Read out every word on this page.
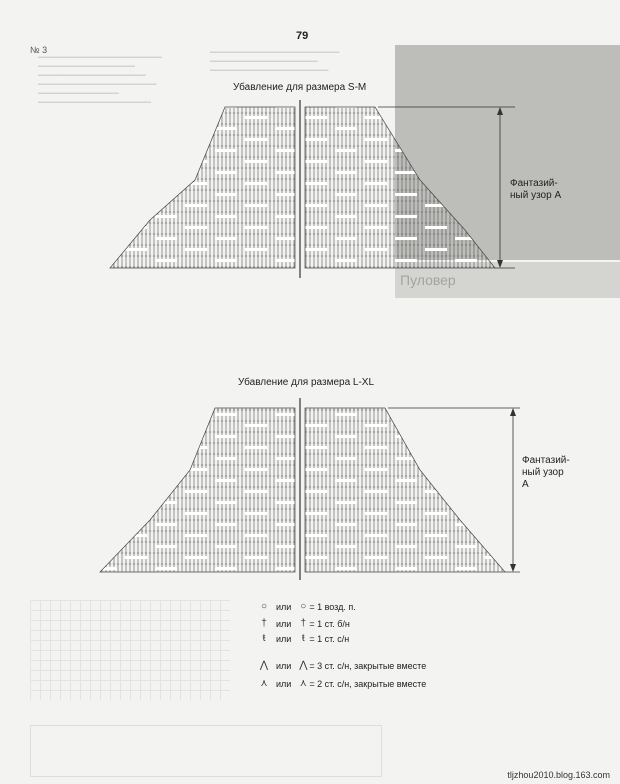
▁▁▁▁▁▁▁▁▁▁▁▁▁▁▁▁▁▁▁▁▁▁▁
▁▁▁▁▁▁▁▁▁▁▁▁▁▁▁▁▁▁
▁▁▁▁▁▁▁▁▁▁▁▁▁▁▁▁▁▁▁▁
▁▁▁▁▁▁▁▁▁▁▁▁▁▁▁▁▁▁▁▁▁▁
▁▁▁▁▁▁▁▁▁▁▁▁▁▁▁
▁▁▁▁▁▁▁▁▁▁▁▁▁▁▁▁▁▁▁▁▁
▁▁▁▁▁▁▁▁▁▁▁▁▁▁▁▁▁▁▁▁▁▁▁▁
▁▁▁▁▁▁▁▁▁▁▁▁▁▁▁▁▁▁▁▁
▁▁▁▁▁▁▁▁▁▁▁▁▁▁▁▁▁▁▁▁▁▁
Пуловер
№ 3
79
Убавление для размера S-M
Фантазий-
ный узор А
Убавление для размера L-XL
Фантазий-
ный узор
А
○ или ○ = 1 возд. п.
†	или † = 1 ст. б/н
ŧ	или	ŧ = 1 ст. с/н
⋀ или ⋀ = 3 ст. с/н, закрытые вместе
⋏ или ⋏ = 2 ст. с/н, закрытые вместе
tljzhou2010.blog.163.com
